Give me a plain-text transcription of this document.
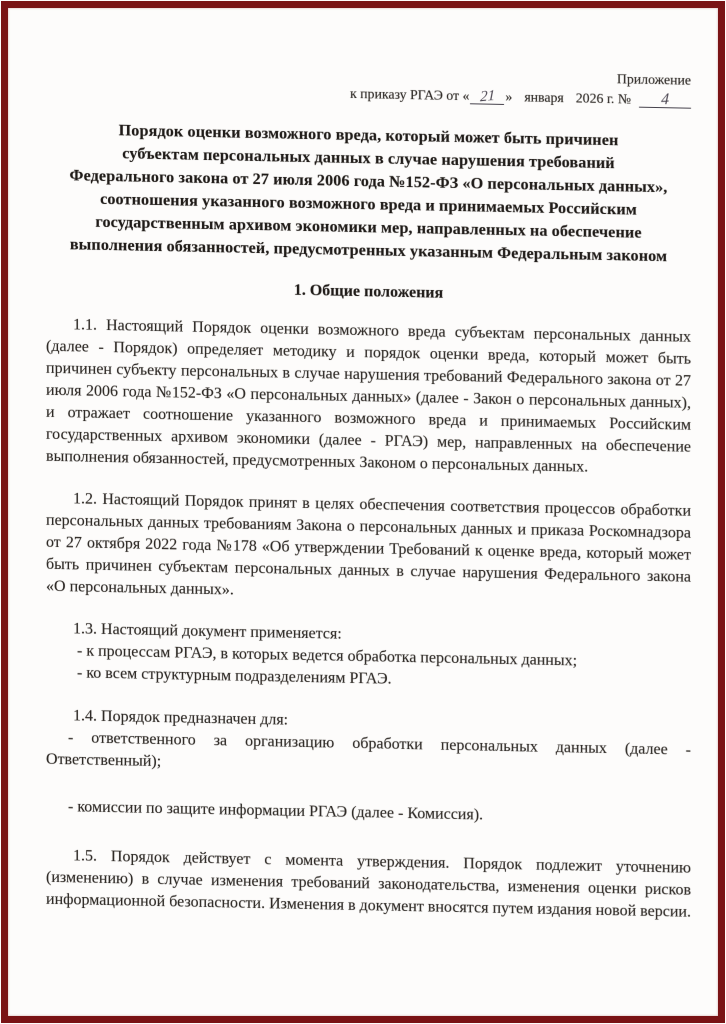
Приложение
к приказу РГАЭ от « 21 » января 2026 г. № 4
Порядок оценки возможного вреда, который может быть причинен
субъектам персональных данных в случае нарушения требований
Федерального закона от 27 июля 2006 года №152-ФЗ «О персональных данных»,
соотношения указанного возможного вреда и принимаемых Российским
государственным архивом экономики мер, направленных на обеспечение
выполнения обязанностей, предусмотренных указанным Федеральным законом
1. Общие положения

1.1. Настоящий Порядок оценки возможного вреда субъектам персональных данных (далее - Порядок) определяет методику и порядок оценки вреда, который может быть причинен субъекту персональных в случае нарушения требований Федерального закона от 27 июля 2006 года №152-ФЗ «О персональных данных» (далее - Закон о персональных данных), и отражает соотношение указанного возможного вреда и принимаемых Российским государственных архивом экономики (далее - РГАЭ) мер, направленных на обеспечение выполнения обязанностей, предусмотренных Законом о персональных данных.

1.2. Настоящий Порядок принят в целях обеспечения соответствия процессов обработки персональных данных требованиям Закона о персональных данных и приказа Роскомнадзора от 27 октября 2022 года №178 «Об утверждении Требований к оценке вреда, который может быть причинен субъектам персональных данных в случае нарушения Федерального закона «О персональных данных».

1.3. Настоящий документ применяется:
- к процессам РГАЭ, в которых ведется обработка персональных данных;
- ко всем структурным подразделениям РГАЭ.
1.4. Порядок предназначен для:
- ответственного за организацию обработки персональных данных (далее - Ответственный);
- комиссии по защите информации РГАЭ (далее - Комиссия).

1.5. Порядок действует с момента утверждения. Порядок подлежит уточнению (изменению) в случае изменения требований законодательства, изменения оценки рисков информационной безопасности. Изменения в документ вносятся путем издания новой версии.
